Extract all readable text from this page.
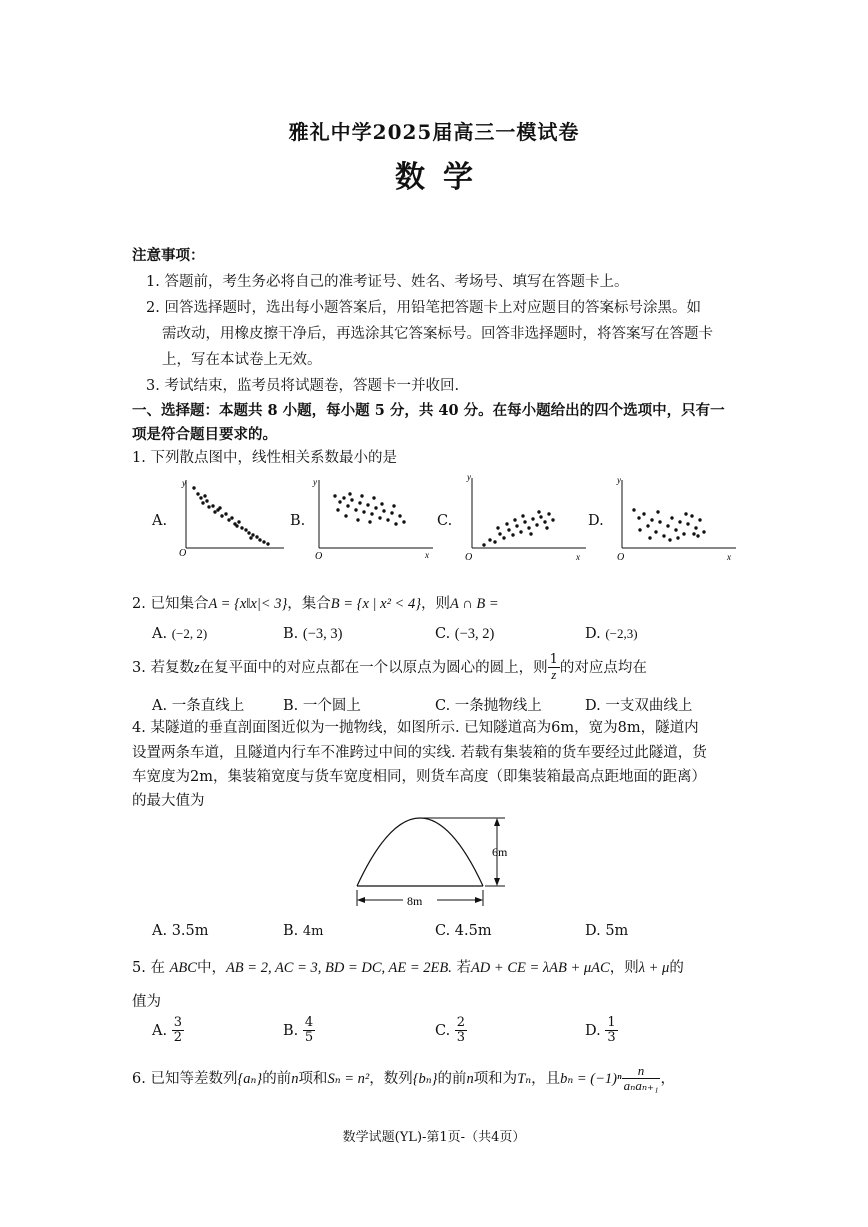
雅礼中学2025届高三一模试卷
数学
注意事项：
1. 答题前，考生务必将自己的准考证号、姓名、考场号、填写在答题卡上。
2. 回答选择题时，选出每小题答案后，用铅笔把答题卡上对应题目的答案标号涂黑。如
需改动，用橡皮擦干净后，再选涂其它答案标号。回答非选择题时，将答案写在答题卡
上，写在本试卷上无效。
3. 考试结束，监考员将试题卷，答题卡一并收回.
一、选择题：本题共 8 小题，每小题 5 分，共 40 分。在每小题给出的四个选项中，只有一
项是符合题目要求的。
1. 下列散点图中，线性相关系数最小的是
A.
y
O
B.
y
O	x
C.
y
O	x
D.
y
O	x
2. 已知集合A = {x‖x|< 3}，集合B = {x | x² < 4}，则A ∩ B =
A. (−2, 2)	B. (−3, 3)	C. (−3, 2)	D. (−2,3)
3. 若复数z在复平面中的对应点都在一个以原点为圆心的圆上，则 $\frac{1}{z}$ 的对应点均在
A. 一条直线上	B. 一个圆上	C. 一条抛物线上	D. 一支双曲线上
4. 某隧道的垂直剖面图近似为一抛物线，如图所示. 已知隧道高为6m，宽为8m，隧道内
设置两条车道，且隧道内行车不准跨过中间的实线. 若载有集装箱的货车要经过此隧道，货
车宽度为2m，集装箱宽度与货车宽度相同，则货车高度（即集装箱最高点距地面的距离）
的最大值为
6m
8m
A. 3.5m	B. 4m	C. 4.5m	D. 5m
5. 在 ABC中，AB = 2, AC = 3, BD = DC, AE = 2EB. 若AD + CE = λAB + μAC，则λ + μ的
值为
A. $\frac{3}{2}$	B. $\frac{4}{5}$	C. $\frac{2}{3}$	D. $\frac{1}{3}$
6. 已知等差数列{aₙ}的前n项和Sₙ = n²，数列{bₙ}的前n项和为Tₙ，且$b_n = (-1)^n \frac{n}{\text{aₙaₙ₊₁}}$ ，
数学试题(YL)-第1页-（共4页）
